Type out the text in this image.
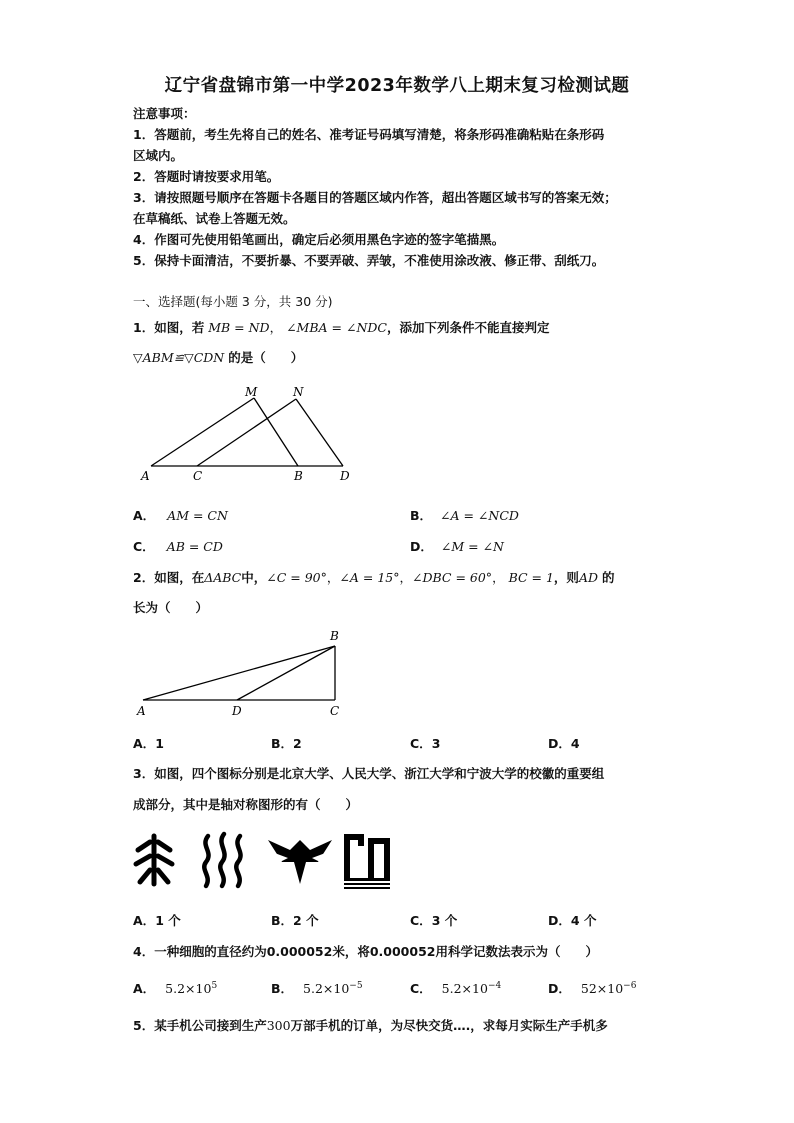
辽宁省盘锦市第一中学2023年数学八上期末复习检测试题
注意事项：
1．答题前，考生先将自己的姓名、准考证号码填写清楚，将条形码准确粘贴在条形码
区域内。
2．答题时请按要求用笔。
3．请按照题号顺序在答题卡各题目的答题区域内作答，超出答题区域书写的答案无效；
在草稿纸、试卷上答题无效。
4．作图可先使用铅笔画出，确定后必须用黑色字迹的签字笔描黑。
5．保持卡面清洁，不要折暴、不要弄破、弄皱，不准使用涂改液、修正带、刮纸刀。
一、选择题(每小题 3 分，共 30 分)
1．如图，若 MB = ND， ∠MBA = ∠NDC，添加下列条件不能直接判定
▽ABM≌▽CDN 的是（　　）
M	N
A	C	B	D
A． AM = CN	B． ∠A = ∠NCD
C． AB = CD	D． ∠M = ∠N
2．如图，在ΔABC中，∠C = 90°，∠A = 15°，∠DBC = 60°， BC = 1，则AD 的
长为（　　）
B
A	D	C
A．1	B．2	C．3	D．4
3．如图，四个图标分别是北京大学、人民大学、浙江大学和宁波大学的校徽的重要组
成部分，其中是轴对称图形的有（　　）
A．1 个	B．2 个	C．3 个	D．4 个
4．一种细胞的直径约为0.000052米，将0.000052用科学记数法表示为（　　）
A． $5.2\times 10^5$	B． $5.2\times 10^{-5}$	C． $5.2\times 10^{-4}$	D． $52\times 10^{-6}$
5．某手机公司接到生产300万部手机的订单，为尽快交货….，求每月实际生产手机多
